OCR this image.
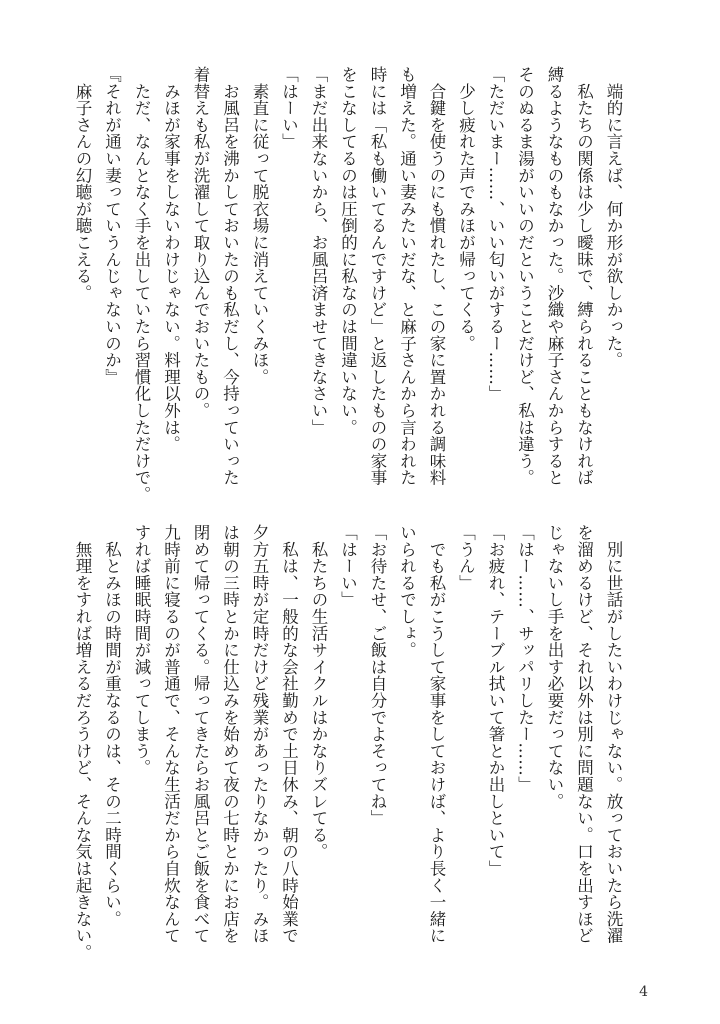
　端的に言えば、何か形が欲しかった。
　私たちの関係は少し曖昧で、縛られることもなければ
縛るようなものもなかった。沙織や麻子さんからすると
そのぬるま湯がいいのだということだけど、私は違う。
「ただいまー……、いい匂いがするー……」
　少し疲れた声でみほが帰ってくる。
　合鍵を使うのにも慣れたし、この家に置かれる調味料
も増えた。通い妻みたいだな、と麻子さんから言われた
時には「私も働いてるんですけど」と返したものの家事
をこなしてるのは圧倒的に私なのは間違いない。
「まだ出来ないから、お風呂済ませてきなさい」
「はーい」
　素直に従って脱衣場に消えていくみほ。
　お風呂を沸かしておいたのも私だし、今持っていった
着替えも私が洗濯して取り込んでおいたもの。
　みほが家事をしないわけじゃない。料理以外は。
　ただ、なんとなく手を出していたら習慣化しただけで。
『それが通い妻っていうんじゃないのか』
　麻子さんの幻聴が聴こえる。
　別に世話がしたいわけじゃない。放っておいたら洗濯
を溜めるけど、それ以外は別に問題ない。口を出すほど
じゃないし手を出す必要だってない。
「はー……、サッパリしたー……」
「お疲れ、テーブル拭いて箸とか出しといて」
「うん」
　でも私がこうして家事をしておけば、より長く一緒に
いられるでしょ。
「お待たせ、ご飯は自分でよそってね」
「はーい」
　私たちの生活サイクルはかなりズレてる。
　私は、一般的な会社勤めで土日休み、朝の八時始業で
夕方五時が定時だけど残業があったりなかったり。みほ
は朝の三時とかに仕込みを始めて夜の七時とかにお店を
閉めて帰ってくる。帰ってきたらお風呂とご飯を食べて
九時前に寝るのが普通で、そんな生活だから自炊なんて
すれば睡眠時間が減ってしまう。
　私とみほの時間が重なるのは、その二時間くらい。
　無理をすれば増えるだろうけど、そんな気は起きない。
4
